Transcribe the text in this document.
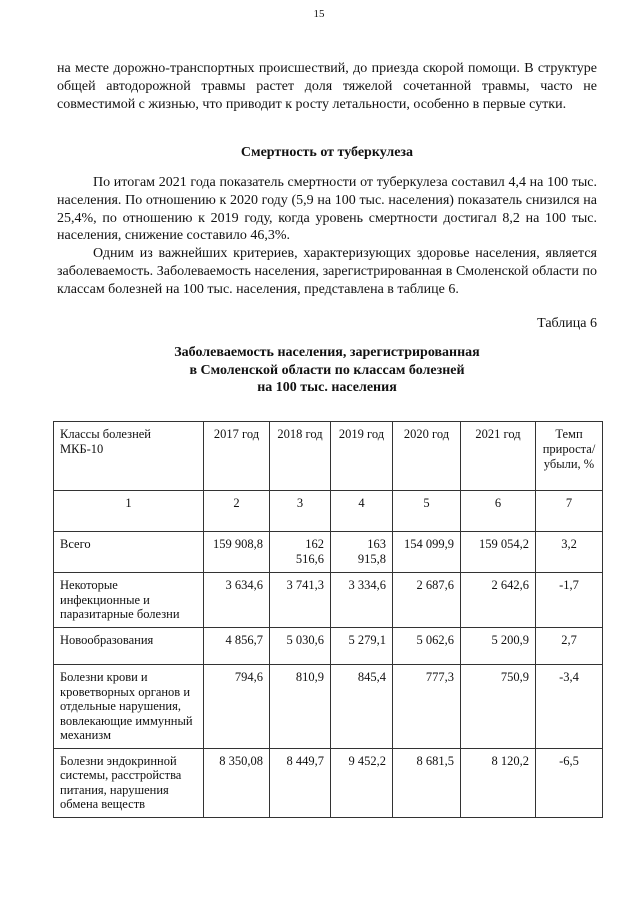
15

на месте дорожно-транспортных происшествий, до приезда скорой помощи. В структуре общей автодорожной травмы растет доля тяжелой сочетанной травмы, часто не совместимой с жизнью, что приводит к росту летальности, особенно в первые сутки.

Смертность от туберкулеза

По итогам 2021 года показатель смертности от туберкулеза составил 4,4 на 100 тыс. населения. По отношению к 2020 году (5,9 на 100 тыс. населения) показатель снизился на 25,4%, по отношению к 2019 году, когда уровень смертности достигал 8,2 на 100 тыс. населения, снижение составило 46,3%.

Одним из важнейших критериев, характеризующих здоровье населения, является заболеваемость. Заболеваемость населения, зарегистрированная в Смоленской области по классам болезней на 100 тыс. населения, представлена в таблице 6.

Таблица 6
Заболеваемость населения, зарегистрированная
в Смоленской области по классам болезней
на 100 тыс. населения
Классы болезней МКБ-10	2017 год	2018 год	2019 год	2020 год	2021 год	Темп прироста/ убыли, %
1	2	3	4	5	6	7
Всего	159 908,8	162 516,6	163 915,8	154 099,9	159 054,2	3,2
Некоторые инфекционные и паразитарные болезни	3 634,6	3 741,3	3 334,6	2 687,6	2 642,6	-1,7
Новообразования	4 856,7	5 030,6	5 279,1	5 062,6	5 200,9	2,7
Болезни крови и кроветворных органов и отдельные нарушения, вовлекающие иммунный механизм	794,6	810,9	845,4	777,3	750,9	-3,4
Болезни эндокринной системы, расстройства питания, нарушения обмена веществ	8 350,08	8 449,7	9 452,2	8 681,5	8 120,2	-6,5
